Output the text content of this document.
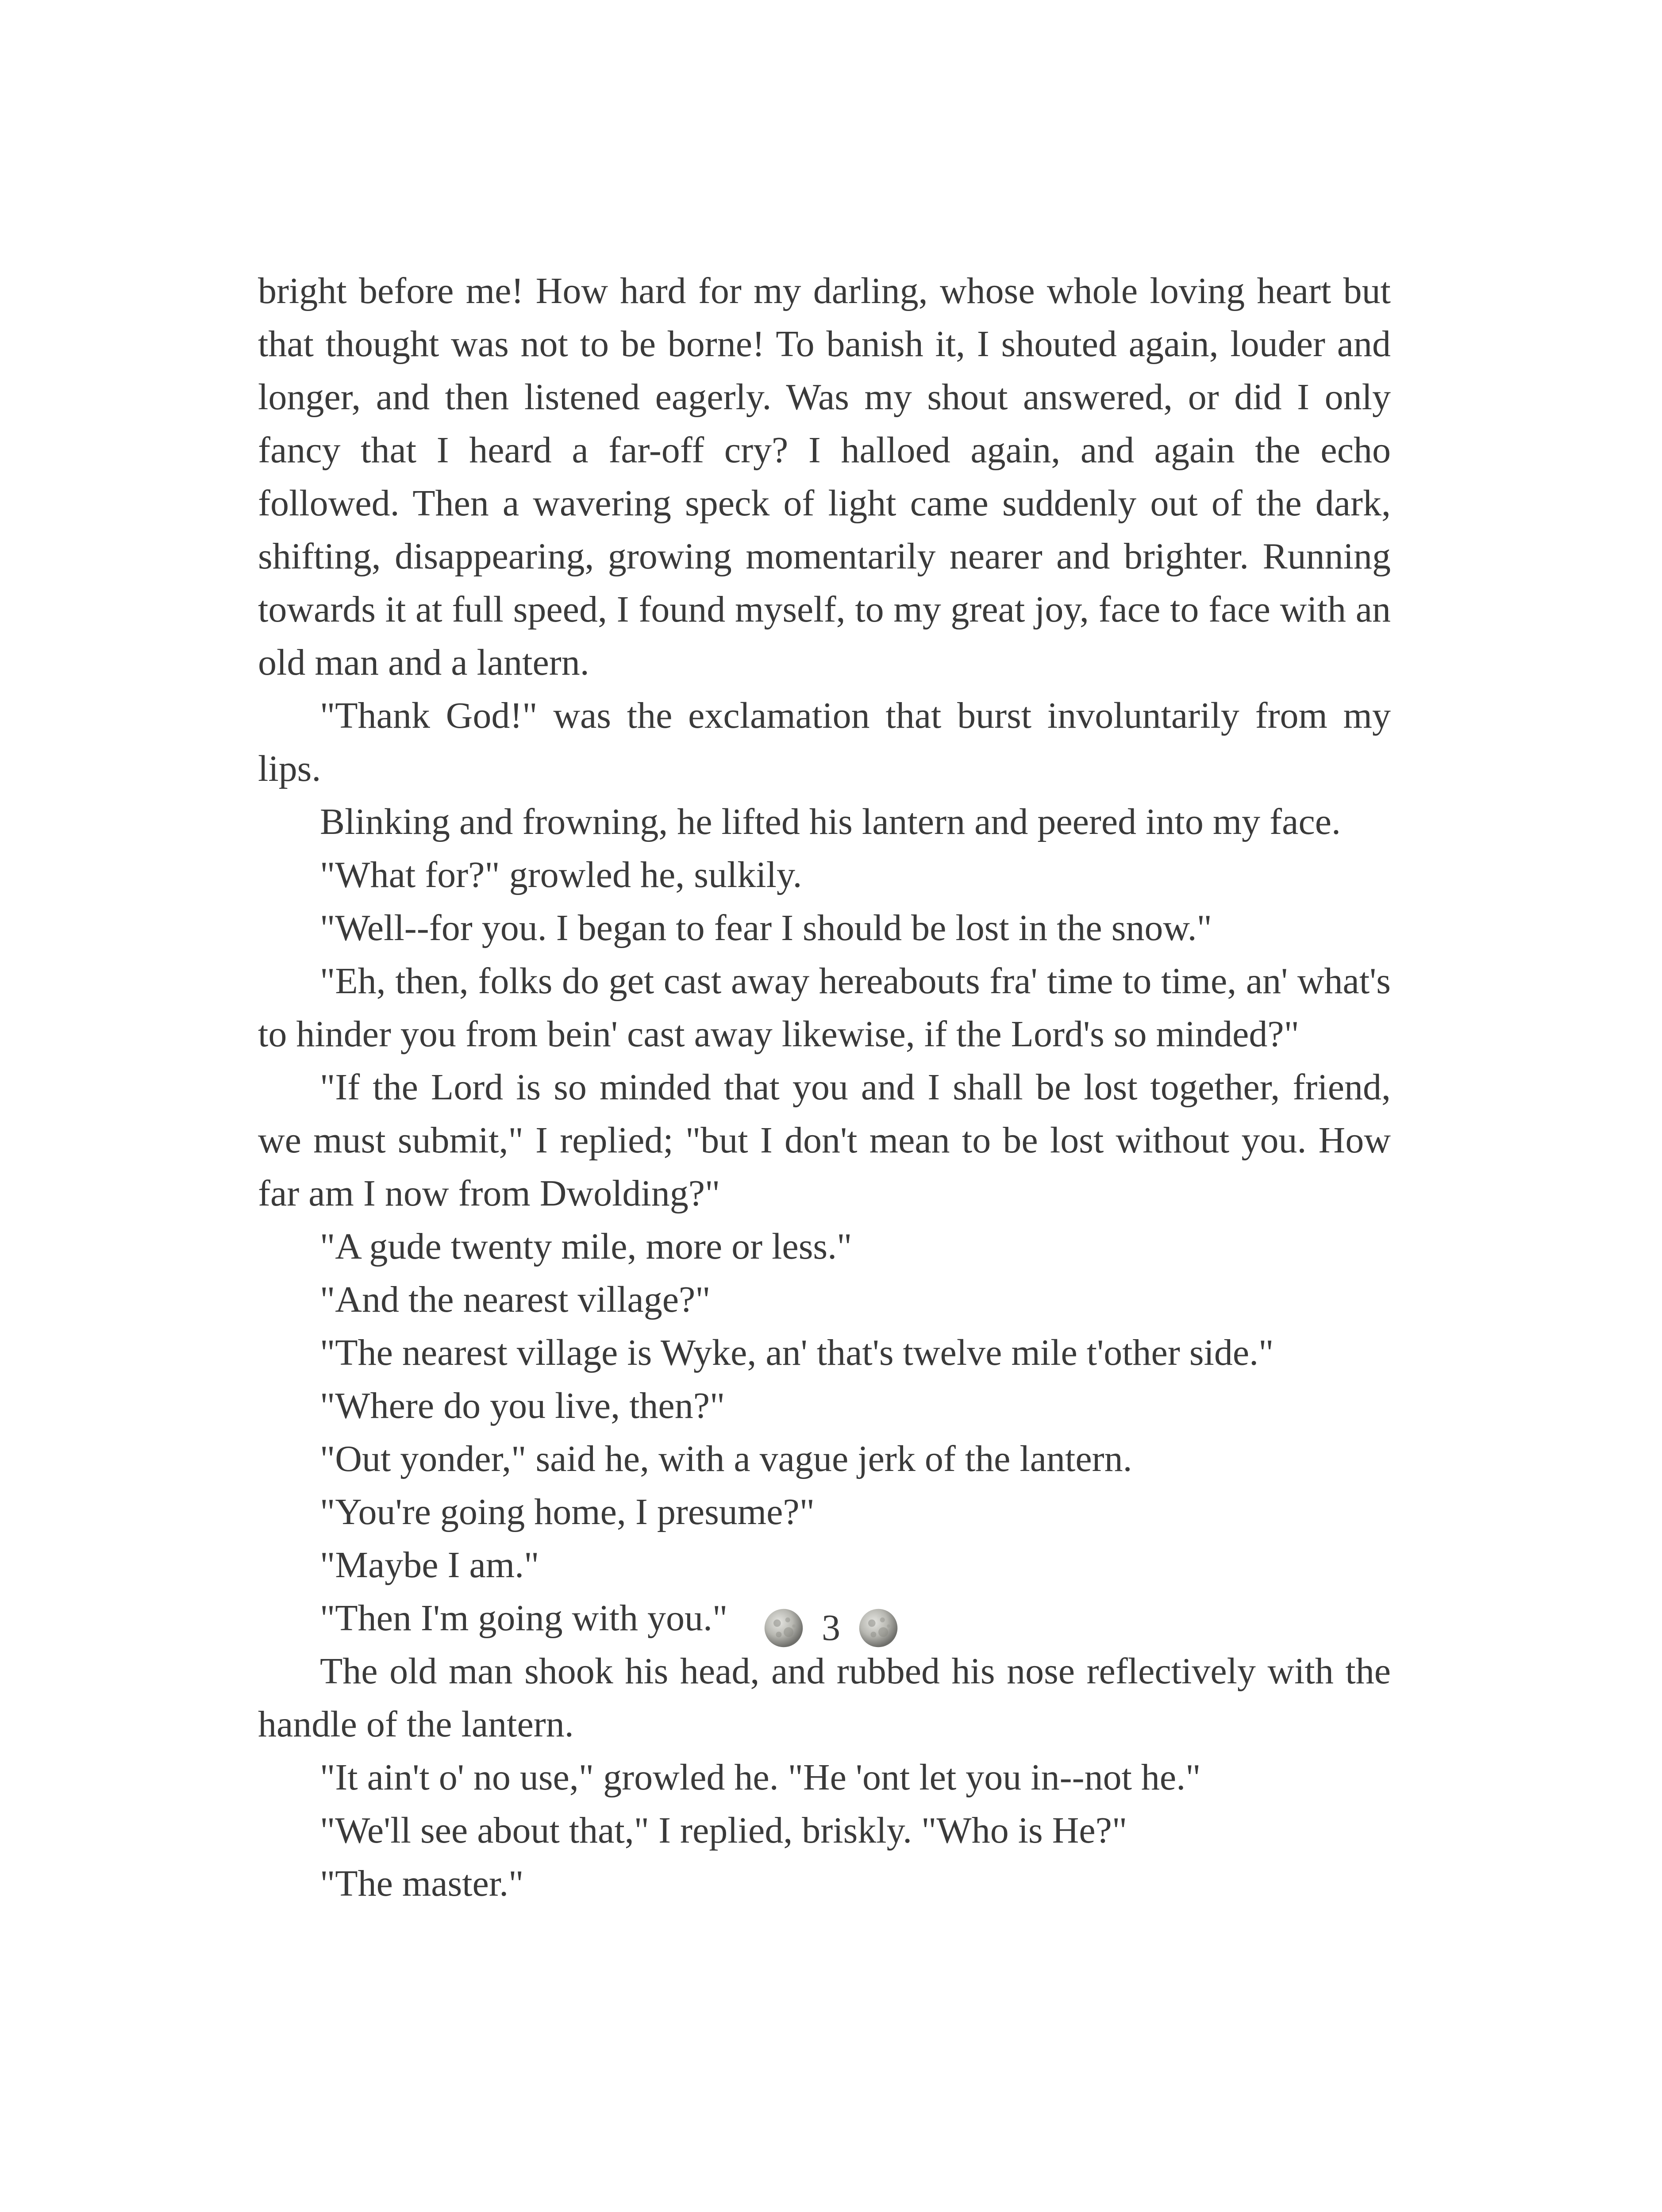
bright before me! How hard for my darling, whose whole loving heart but that thought was not to be borne! To banish it, I shouted again, louder and longer, and then listened eagerly. Was my shout answered, or did I only fancy that I heard a far-off cry? I halloed again, and again the echo followed. Then a wavering speck of light came suddenly out of the dark, shifting, disappearing, growing momentarily nearer and brighter. Running towards it at full speed, I found myself, to my great joy, face to face with an old man and a lantern.

"Thank God!" was the exclamation that burst involuntarily from my lips.

Blinking and frowning, he lifted his lantern and peered into my face.

"What for?" growled he, sulkily.

"Well--for you. I began to fear I should be lost in the snow."

"Eh, then, folks do get cast away hereabouts fra' time to time, an' what's to hinder you from bein' cast away likewise, if the Lord's so minded?"

"If the Lord is so minded that you and I shall be lost together, friend, we must submit," I replied; "but I don't mean to be lost without you. How far am I now from Dwolding?"

"A gude twenty mile, more or less."

"And the nearest village?"

"The nearest village is Wyke, an' that's twelve mile t'other side."

"Where do you live, then?"

"Out yonder," said he, with a vague jerk of the lantern.

"You're going home, I presume?"

"Maybe I am."

"Then I'm going with you."

The old man shook his head, and rubbed his nose reflectively with the handle of the lantern.

"It ain't o' no use," growled he. "He 'ont let you in--not he."

"We'll see about that," I replied, briskly. "Who is He?"

"The master."

3
